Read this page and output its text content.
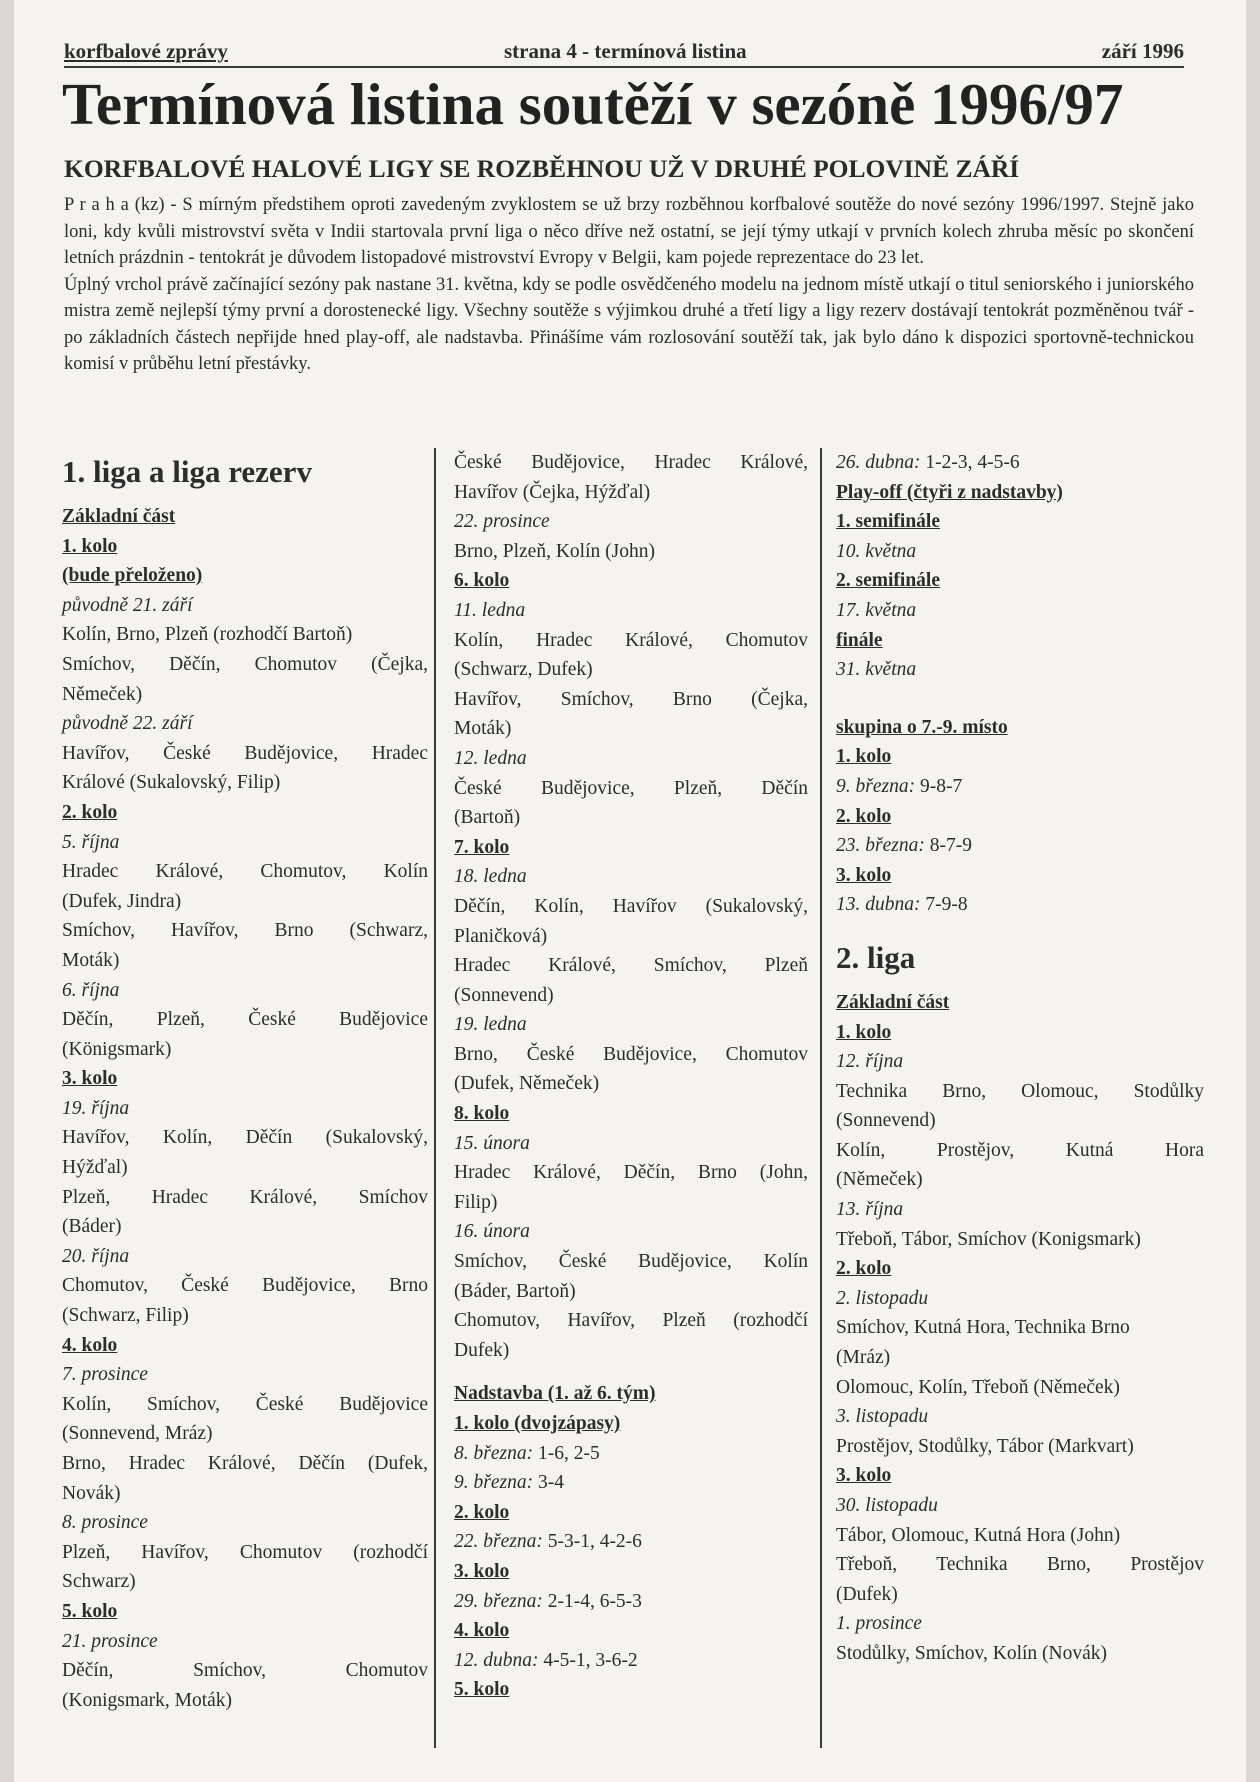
korfbalové zprávy	strana 4 - termínová listina	září 1996
Termínová listina soutěží v sezóně 1996/97
KORFBALOVÉ HALOVÉ LIGY SE ROZBĚHNOU UŽ V DRUHÉ POLOVINĚ ZÁŘÍ

P r a h a (kz) - S mírným předstihem oproti zavedeným zvyklostem se už brzy rozběhnou korfbalové soutěže do nové sezóny 1996/1997. Stejně jako loni, kdy kvůli mistrovství světa v Indii startovala první liga o něco dříve než ostatní, se její týmy utkají v prvních kolech zhruba měsíc po skončení letních prázdnin - tentokrát je důvodem listopadové mistrovství Evropy v Belgii, kam pojede reprezentace do 23 let.

Úplný vrchol právě začínající sezóny pak nastane 31. května, kdy se podle osvědčeného modelu na jednom místě utkají o titul seniorského i juniorského mistra země nejlepší týmy první a dorostenecké ligy. Všechny soutěže s výjimkou druhé a třetí ligy a ligy rezerv dostávají tentokrát pozměněnou tvář - po základních částech nepřijde hned play-off, ale nadstavba. Přinášíme vám rozlosování soutěží tak, jak bylo dáno k dispozici sportovně-technickou komisí v průběhu letní přestávky.

1. liga a liga rezerv
Základní část
1. kolo
(bude přeloženo)
původně 21. září
Kolín, Brno, Plzeň (rozhodčí Bartoň)
Smíchov, Děčín, Chomutov (Čejka,
Němeček)
původně 22. září
Havířov, České Budějovice, Hradec
Králové (Sukalovský, Filip)
2. kolo
5. října
Hradec Králové, Chomutov, Kolín
(Dufek, Jindra)
Smíchov, Havířov, Brno (Schwarz,
Moták)
6. října
Děčín, Plzeň, České Budějovice
(Königsmark)
3. kolo
19. října
Havířov, Kolín, Děčín (Sukalovský,
Hýžďal)
Plzeň, Hradec Králové, Smíchov
(Báder)
20. října
Chomutov, České Budějovice, Brno
(Schwarz, Filip)
4. kolo
7. prosince
Kolín, Smíchov, České Budějovice
(Sonnevend, Mráz)
Brno, Hradec Králové, Děčín (Dufek,
Novák)
8. prosince
Plzeň, Havířov, Chomutov (rozhodčí
Schwarz)
5. kolo
21. prosince
Děčín, Smíchov, Chomutov
(Konigsmark, Moták)
České Budějovice, Hradec Králové,
Havířov (Čejka, Hýžďal)
22. prosince
Brno, Plzeň, Kolín (John)
6. kolo
11. ledna
Kolín, Hradec Králové, Chomutov
(Schwarz, Dufek)
Havířov, Smíchov, Brno (Čejka,
Moták)
12. ledna
České Budějovice, Plzeň, Děčín
(Bartoň)
7. kolo
18. ledna
Děčín, Kolín, Havířov (Sukalovský,
Planičková)
Hradec Králové, Smíchov, Plzeň
(Sonnevend)
19. ledna
Brno, České Budějovice, Chomutov
(Dufek, Němeček)
8. kolo
15. února
Hradec Králové, Děčín, Brno (John,
Filip)
16. února
Smíchov, České Budějovice, Kolín
(Báder, Bartoň)
Chomutov, Havířov, Plzeň (rozhodčí
Dufek)
Nadstavba (1. až 6. tým)
1. kolo (dvojzápasy)
8. března: 1-6, 2-5
9. března: 3-4
2. kolo
22. března: 5-3-1, 4-2-6
3. kolo
29. března: 2-1-4, 6-5-3
4. kolo
12. dubna: 4-5-1, 3-6-2
5. kolo
26. dubna: 1-2-3, 4-5-6
Play-off (čtyři z nadstavby)
1. semifinále
10. května
2. semifinále
17. května
finále
31. května
skupina o 7.-9. místo
1. kolo
9. března: 9-8-7
2. kolo
23. března: 8-7-9
3. kolo
13. dubna: 7-9-8
2. liga
Základní část
1. kolo
12. října
Technika Brno, Olomouc, Stodůlky
(Sonnevend)
Kolín, Prostějov, Kutná Hora
(Němeček)
13. října
Třeboň, Tábor, Smíchov (Konigsmark)
2. kolo
2. listopadu
Smíchov, Kutná Hora, Technika Brno
(Mráz)
Olomouc, Kolín, Třeboň (Němeček)
3. listopadu
Prostějov, Stodůlky, Tábor (Markvart)
3. kolo
30. listopadu
Tábor, Olomouc, Kutná Hora (John)
Třeboň, Technika Brno, Prostějov
(Dufek)
1. prosince
Stodůlky, Smíchov, Kolín (Novák)
